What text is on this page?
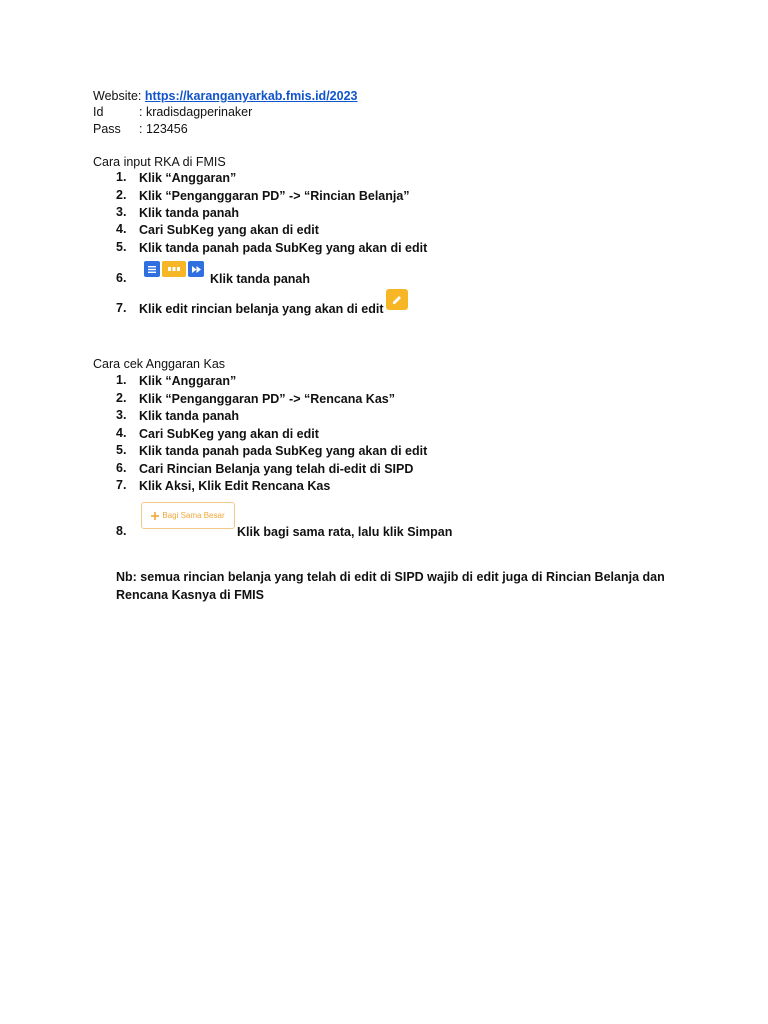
Website: https://karanganyarkab.fmis.id/2023
Id	: kradisdagperinaker
Pass : 123456
Cara input RKA di FMIS
1.	Klik “Anggaran”
2.	Klik “Penganggaran PD” -> “Rincian Belanja”
3.	Klik tanda panah
4.	Cari SubKeg yang akan di edit
5.	Klik tanda panah pada SubKeg yang akan di edit
6.	Klik tanda panah
7.	Klik edit rincian belanja yang akan di edit
Cara cek Anggaran Kas
1.	Klik “Anggaran”
2.	Klik “Penganggaran PD” -> “Rencana Kas”
3.	Klik tanda panah
4.	Cari SubKeg yang akan di edit
5.	Klik tanda panah pada SubKeg yang akan di edit
6.	Cari Rincian Belanja yang telah di-edit di SIPD
7.	Klik Aksi, Klik Edit Rencana Kas
Bagi Sama Besar
8.	Klik bagi sama rata, lalu klik Simpan
Nb: semua rincian belanja yang telah di edit di SIPD wajib di edit juga di Rincian Belanja dan Rencana Kasnya di FMIS
